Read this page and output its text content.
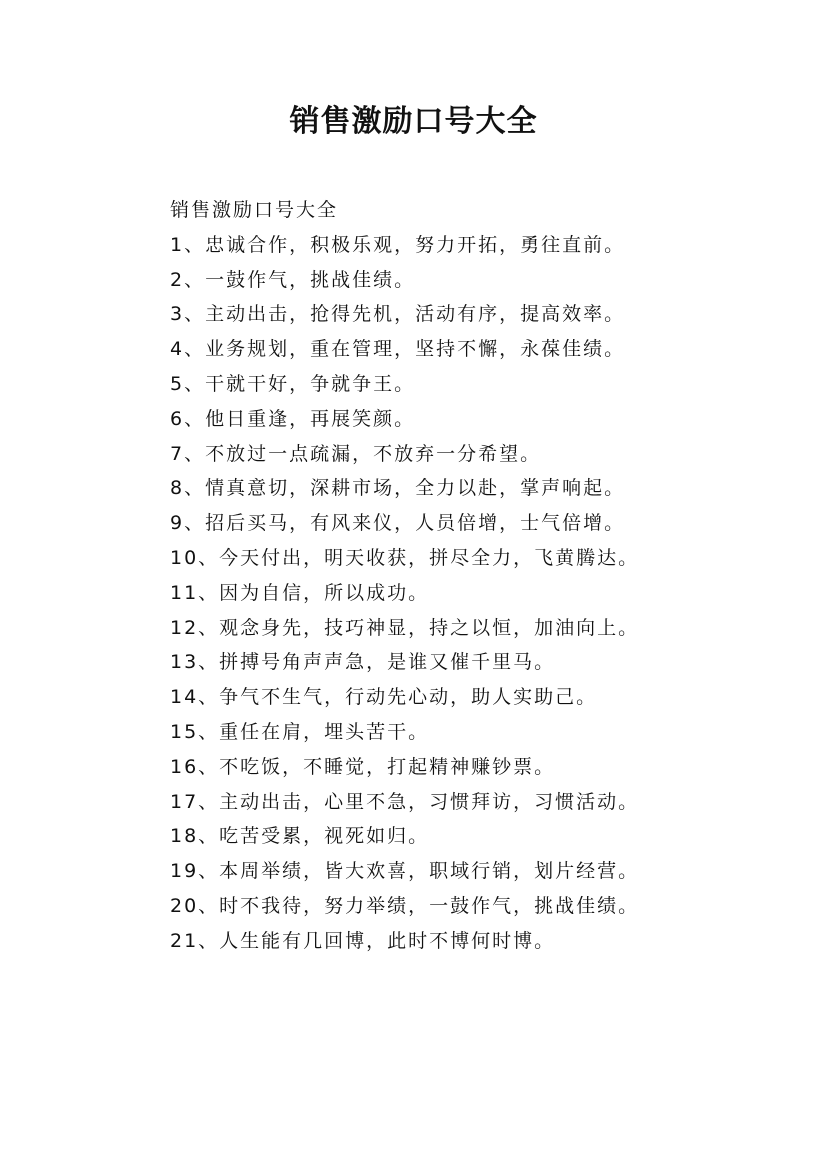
销售激励口号大全

销售激励口号大全

1、忠诚合作，积极乐观，努力开拓，勇往直前。

2、一鼓作气，挑战佳绩。

3、主动出击，抢得先机，活动有序，提高效率。

4、业务规划，重在管理，坚持不懈，永葆佳绩。

5、干就干好，争就争王。

6、他日重逢，再展笑颜。

7、不放过一点疏漏，不放弃一分希望。

8、情真意切，深耕市场，全力以赴，掌声响起。

9、招后买马，有风来仪，人员倍增，士气倍增。

10、今天付出，明天收获，拼尽全力，飞黄腾达。

11、因为自信，所以成功。

12、观念身先，技巧神显，持之以恒，加油向上。

13、拼搏号角声声急，是谁又催千里马。

14、争气不生气，行动先心动，助人实助己。

15、重任在肩，埋头苦干。

16、不吃饭，不睡觉，打起精神赚钞票。

17、主动出击，心里不急，习惯拜访，习惯活动。

18、吃苦受累，视死如归。

19、本周举绩，皆大欢喜，职域行销，划片经营。

20、时不我待，努力举绩，一鼓作气，挑战佳绩。

21、人生能有几回博，此时不博何时博。
